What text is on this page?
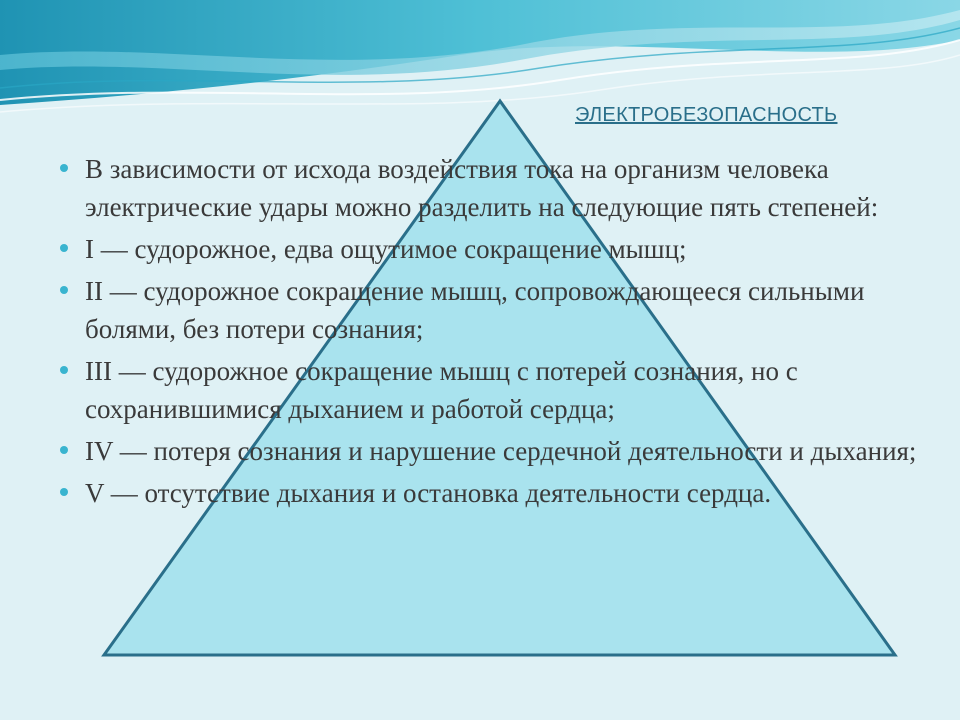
ЭЛЕКТРОБЕЗОПАСНОСТЬ
В зависимости от исхода воздействия тока на организм человека электрические удары можно разделить на следующие пять степеней:
I — судорожное, едва ощутимое сокращение мышц;
II — судорожное сокращение мышц, сопровождающееся сильными болями, без потери сознания;
III — судорожное сокращение мышц с потерей сознания, но с сохранившимися дыханием и работой сердца;
IV — потеря сознания и нарушение сердечной деятельности и дыхания;
V — отсутствие дыхания и остановка деятельности сердца.
